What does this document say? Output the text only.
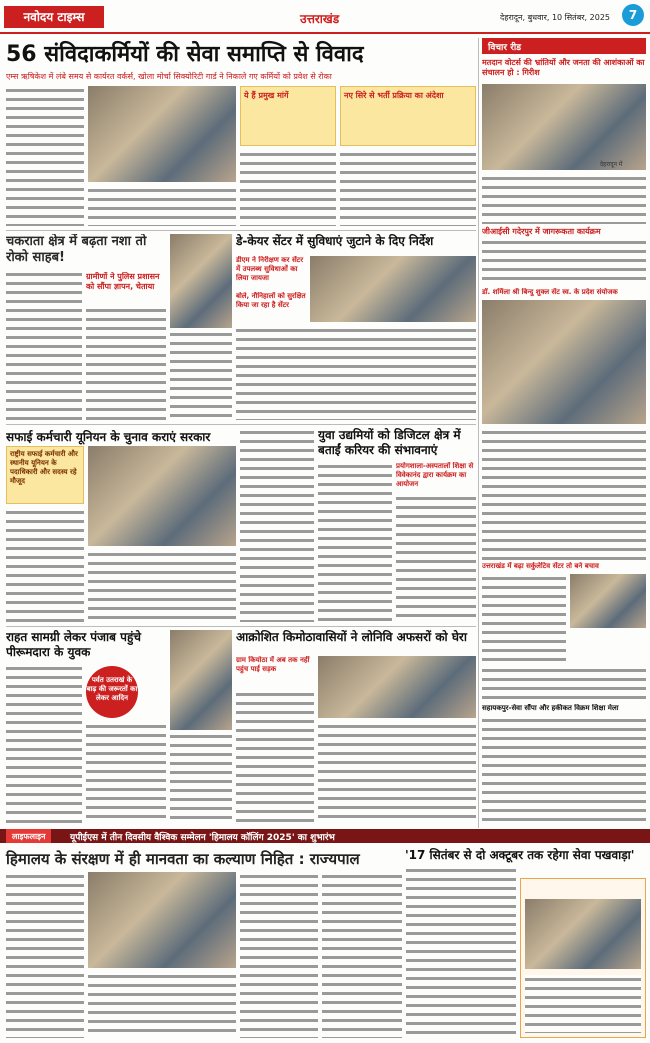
नवोदय टाइम्स	उत्तराखंड	देहरादून, बुधवार, 10 सितंबर, 2025	7
56 संविदाकर्मियों की सेवा समाप्ति से विवाद
एम्स ऋषिकेश में लंबे समय से कार्यरत वर्कर्स, खोला मोर्चा सिक्योरिटी गार्ड ने निकाले गए कर्मियों को प्रवेश से रोका
ये हैं प्रमुख मांगें	नए सिरे से भर्ती प्रक्रिया का अंदेशा
विचार रीड
मतदान वोटर्स की भ्रांतियों और जनता की आशंकाओं का संचालन हो : गिरीश
देहरादून में
जीआईसी गदेरपुर में जागरूकता कार्यक्रम
डॉ. शर्मिला श्री बिन्दु शुक्ल सेंट स्व. के प्रदेश संयोजक
उत्तराखंड में बढ़ा सर्कुलेटिव सेंटर तो बने बचाव
सहायकपुर-सेवा सौंपा और हकीकत विक्रम शिक्षा मेला
चकराता क्षेत्र में बढ़ता नशा तो रोको साहब!
ग्रामीणों ने पुलिस प्रशासन को सौंपा ज्ञापन, चेताया
डे-केयर सेंटर में सुविधाएं जुटाने के दिए निर्देश
डीएम ने निरीक्षण कर सेंटर में उपलब्ध सुविधाओं का लिया जायजा
बोले, नौनिहालों को सुरक्षित किया जा रहा है सेंटर
सफाई कर्मचारी यूनियन के चुनाव कराएं सरकार
राष्ट्रीय सफाई कर्मचारी और स्थानीय यूनियन के पदाधिकारी और सदस्य रहे मौजूद
युवा उद्यमियों को डिजिटल क्षेत्र में बताईं करियर की संभावनाएं
प्रयोगशाला-अस्पतालों शिक्षा से विवेकानंद द्वारा कार्यक्रम का आयोजन
राहत सामग्री लेकर पंजाब पहुंचे पीरूमदारा के युवक
पर्वत उतराखं के बाढ़ की जरूरतों का लेकर आदिन
आक्रोशित किमोठावासियों ने लोनिवि अफसरों को घेरा
ग्राम कियोठा में अब तक नहीं पहुंच पाई सड़क
लाइफलाइन	यूपीईएस में तीन दिवसीय वैश्विक सम्मेलन 'हिमालय कॉलिंग 2025' का शुभारंभ
हिमालय के संरक्षण में ही मानवता का कल्याण निहित : राज्यपाल	'17 सितंबर से दो अक्टूबर तक रहेगा सेवा पखवाड़ा'
